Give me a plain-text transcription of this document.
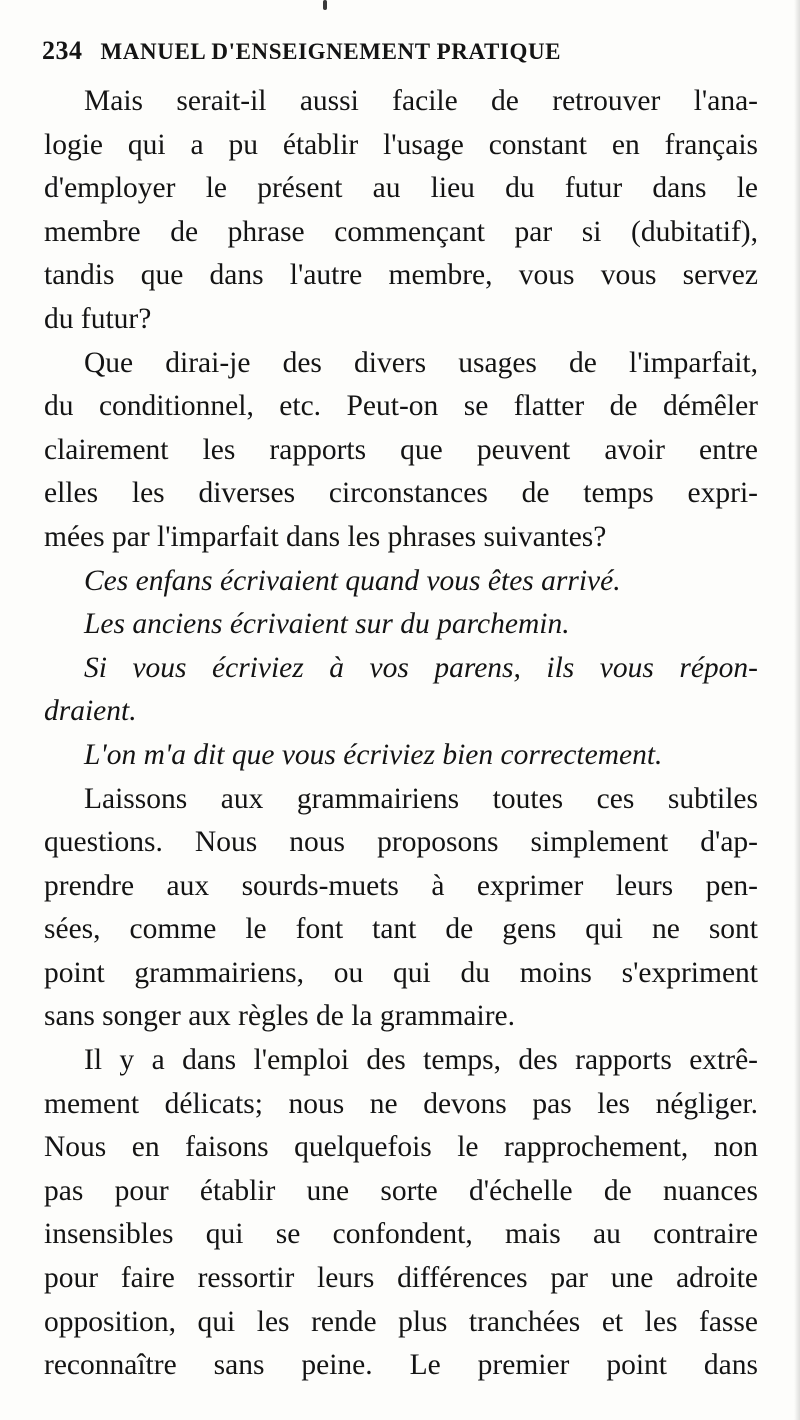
234 MANUEL D'ENSEIGNEMENT PRATIQUE
Mais serait-il aussi facile de retrouver l'ana-
logie qui a pu établir l'usage constant en français
d'employer le présent au lieu du futur dans le
membre de phrase commençant par si (dubitatif),
tandis que dans l'autre membre, vous vous servez
du futur?
Que dirai-je des divers usages de l'imparfait,
du conditionnel, etc. Peut-on se flatter de démêler
clairement les rapports que peuvent avoir entre
elles les diverses circonstances de temps expri-
mées par l'imparfait dans les phrases suivantes?
Ces enfans écrivaient quand vous êtes arrivé.
Les anciens écrivaient sur du parchemin.
Si vous écriviez à vos parens, ils vous répon-
draient.
L'on m'a dit que vous écriviez bien correctement.
Laissons aux grammairiens toutes ces subtiles
questions. Nous nous proposons simplement d'ap-
prendre aux sourds-muets à exprimer leurs pen-
sées, comme le font tant de gens qui ne sont
point grammairiens, ou qui du moins s'expriment
sans songer aux règles de la grammaire.
Il y a dans l'emploi des temps, des rapports extrê-
mement délicats; nous ne devons pas les négliger.
Nous en faisons quelquefois le rapprochement, non
pas pour établir une sorte d'échelle de nuances
insensibles qui se confondent, mais au contraire
pour faire ressortir leurs différences par une adroite
opposition, qui les rende plus tranchées et les fasse
reconnaître sans peine. Le premier point dans
